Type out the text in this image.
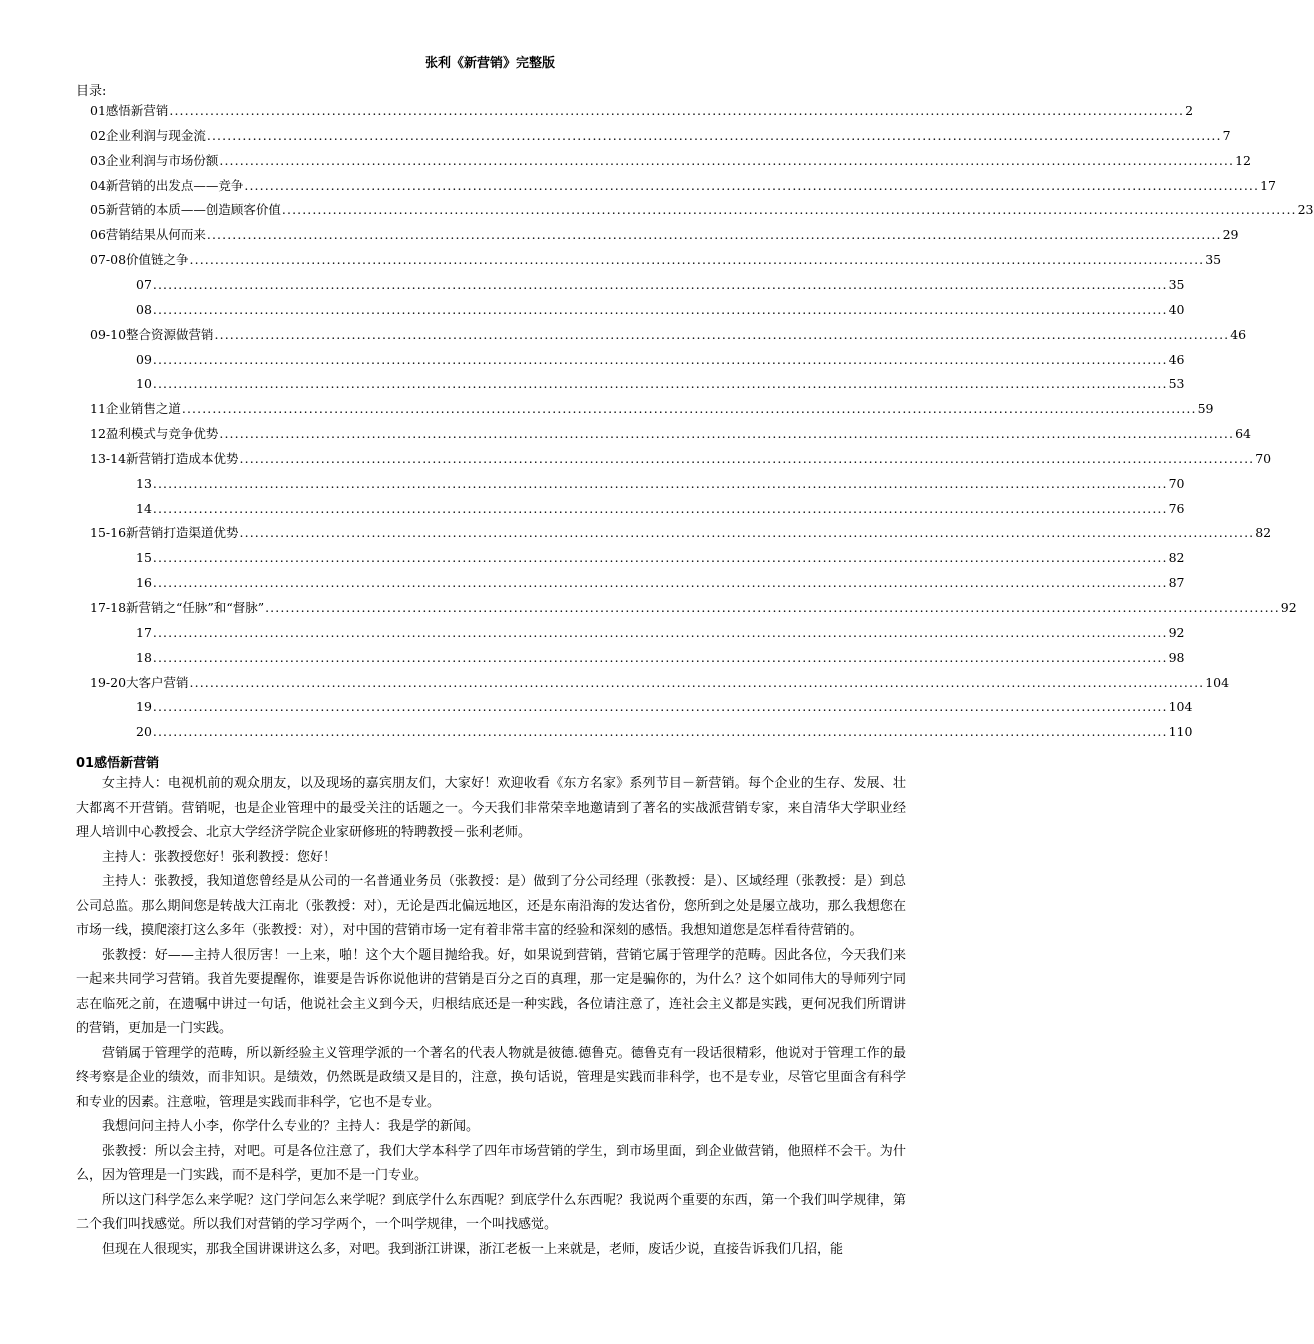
张利《新营销》完整版
目录:
01感悟新营销 ........................................................................................................................................................................................................ 2
02企业利润与现金流 ........................................................................................................................................................................................................ 7
03企业利润与市场份额 ........................................................................................................................................................................................................ 12
04新营销的出发点——竞争 ........................................................................................................................................................................................................ 17
05新营销的本质——创造顾客价值 ........................................................................................................................................................................................................ 23
06营销结果从何而来 ........................................................................................................................................................................................................ 29
07-08价值链之争 ........................................................................................................................................................................................................ 35
07 ........................................................................................................................................................................................................ 35
08 ........................................................................................................................................................................................................ 40
09-10整合资源做营销 ........................................................................................................................................................................................................ 46
09 ........................................................................................................................................................................................................ 46
10 ........................................................................................................................................................................................................ 53
11企业销售之道 ........................................................................................................................................................................................................ 59
12盈利模式与竞争优势 ........................................................................................................................................................................................................ 64
13-14新营销打造成本优势 ........................................................................................................................................................................................................ 70
13 ........................................................................................................................................................................................................ 70
14 ........................................................................................................................................................................................................ 76
15-16新营销打造渠道优势 ........................................................................................................................................................................................................ 82
15 ........................................................................................................................................................................................................ 82
16 ........................................................................................................................................................................................................ 87
17-18新营销之“任脉”和“督脉” ........................................................................................................................................................................................................ 92
17 ........................................................................................................................................................................................................ 92
18 ........................................................................................................................................................................................................ 98
19-20大客户营销 ........................................................................................................................................................................................................ 104
19 ........................................................................................................................................................................................................ 104
20 ........................................................................................................................................................................................................ 110
01感悟新营销

女主持人：电视机前的观众朋友，以及现场的嘉宾朋友们，大家好！欢迎收看《东方名家》系列节目－新营销。每个企业的生存、发展、壮大都离不开营销。营销呢，也是企业管理中的最受关注的话题之一。今天我们非常荣幸地邀请到了著名的实战派营销专家，来自清华大学职业经理人培训中心教授会、北京大学经济学院企业家研修班的特聘教授－张利老师。

主持人：张教授您好！张利教授：您好！

主持人：张教授，我知道您曾经是从公司的一名普通业务员（张教授：是）做到了分公司经理（张教授：是）、区域经理（张教授：是）到总公司总监。那么期间您是转战大江南北（张教授：对），无论是西北偏远地区，还是东南沿海的发达省份，您所到之处是屡立战功，那么我想您在市场一线，摸爬滚打这么多年（张教授：对），对中国的营销市场一定有着非常丰富的经验和深刻的感悟。我想知道您是怎样看待营销的。

张教授：好——主持人很厉害！一上来，啪！这个大个题目抛给我。好，如果说到营销，营销它属于管理学的范畴。因此各位，今天我们来一起来共同学习营销。我首先要提醒你，谁要是告诉你说他讲的营销是百分之百的真理，那一定是骗你的，为什么？这个如同伟大的导师列宁同志在临死之前，在遗嘱中讲过一句话，他说社会主义到今天，归根结底还是一种实践，各位请注意了，连社会主义都是实践，更何况我们所谓讲的营销，更加是一门实践。

营销属于管理学的范畴，所以新经验主义管理学派的一个著名的代表人物就是彼德.德鲁克。德鲁克有一段话很精彩，他说对于管理工作的最终考察是企业的绩效，而非知识。是绩效，仍然既是政绩又是目的，注意，换句话说，管理是实践而非科学，也不是专业，尽管它里面含有科学和专业的因素。注意啦，管理是实践而非科学，它也不是专业。

我想问问主持人小李，你学什么专业的？主持人：我是学的新闻。

张教授：所以会主持，对吧。可是各位注意了，我们大学本科学了四年市场营销的学生，到市场里面，到企业做营销，他照样不会干。为什么，因为管理是一门实践，而不是科学，更加不是一门专业。

所以这门科学怎么来学呢？这门学问怎么来学呢？到底学什么东西呢？到底学什么东西呢？我说两个重要的东西，第一个我们叫学规律，第二个我们叫找感觉。所以我们对营销的学习学两个，一个叫学规律，一个叫找感觉。

但现在人很现实，那我全国讲课讲这么多，对吧。我到浙江讲课，浙江老板一上来就是，老师，废话少说，直接告诉我们几招，能
